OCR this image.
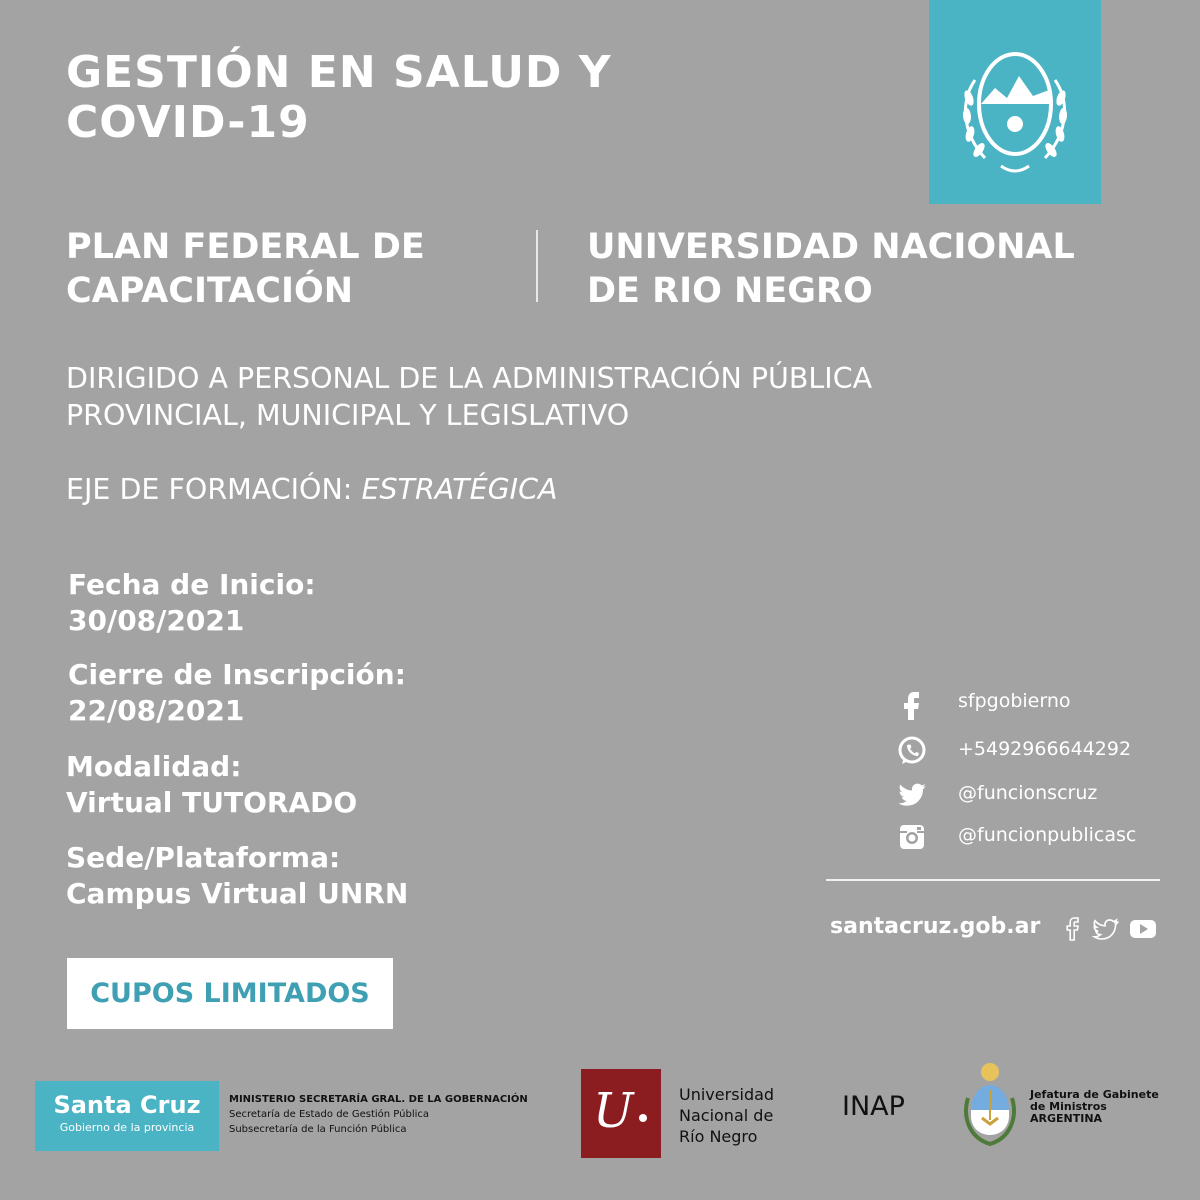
GESTIÓN EN SALUD Y
COVID-19
PLAN FEDERAL DE
CAPACITACIÓN
UNIVERSIDAD NACIONAL
DE RIO NEGRO
DIRIGIDO A PERSONAL DE LA ADMINISTRACIÓN PÚBLICA
PROVINCIAL, MUNICIPAL Y LEGISLATIVO
EJE DE FORMACIÓN: ESTRATÉGICA
Fecha de Inicio:
30/08/2021
Cierre de Inscripción:
22/08/2021
Modalidad:
Virtual TUTORADO
Sede/Plataforma:
Campus Virtual UNRN
sfpgobierno
+5492966644292
@funcionscruz
@funcionpublicasc
santacruz.gob.ar
CUPOS LIMITADOS
Santa Cruz
Gobierno de la provincia
MINISTERIO SECRETARÍA GRAL. DE LA GOBERNACIÓN
Secretaría de Estado de Gestión Pública
Subsecretaría de la Función Pública	U	Universidad
Nacional de
Río Negro
INAP	Jefatura de Gabinete
de Ministros
ARGENTINA
